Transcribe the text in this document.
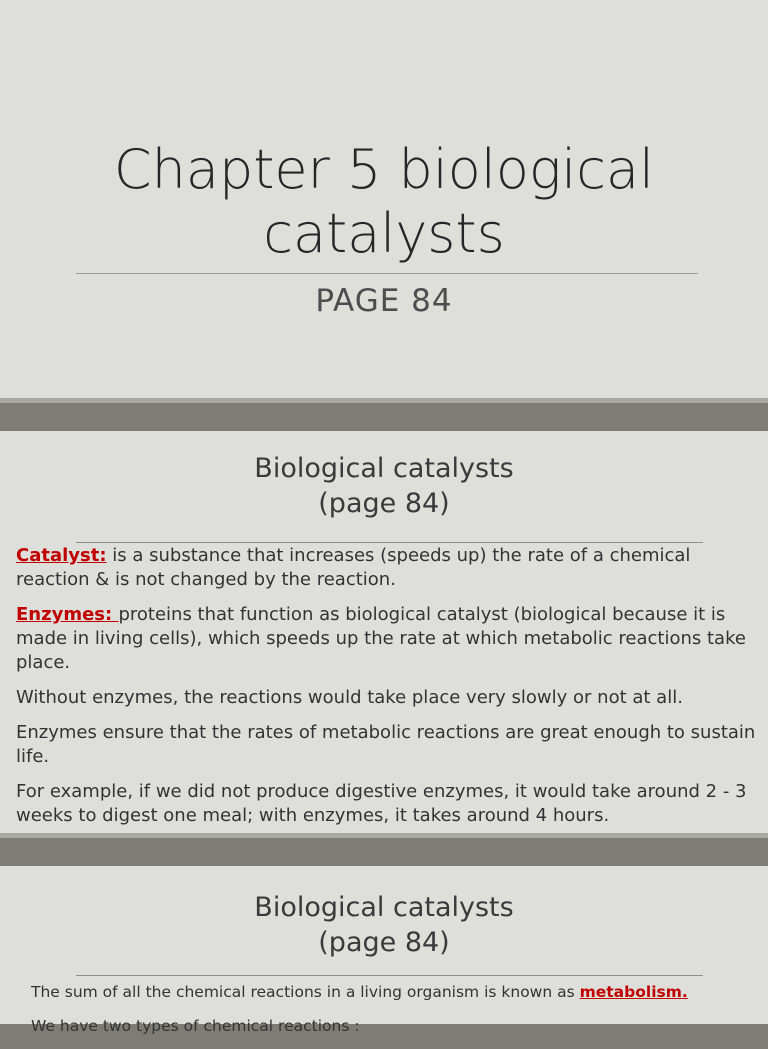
Chapter 5 biological
catalysts
PAGE 84
Biological catalysts
(page 84)

Catalyst: is a substance that increases (speeds up) the rate of a chemical reaction & is not changed by the reaction.

Enzymes: proteins that function as biological catalyst (biological because it is made in living cells), which speeds up the rate at which metabolic reactions take place.

Without enzymes, the reactions would take place very slowly or not at all.

Enzymes ensure that the rates of metabolic reactions are great enough to sustain life.

For example, if we did not produce digestive enzymes, it would take around 2 - 3 weeks to digest one meal; with enzymes, it takes around 4 hours.

Biological catalysts
(page 84)

The sum of all the chemical reactions in a living organism is known as metabolism.

We have two types of chemical reactions :
